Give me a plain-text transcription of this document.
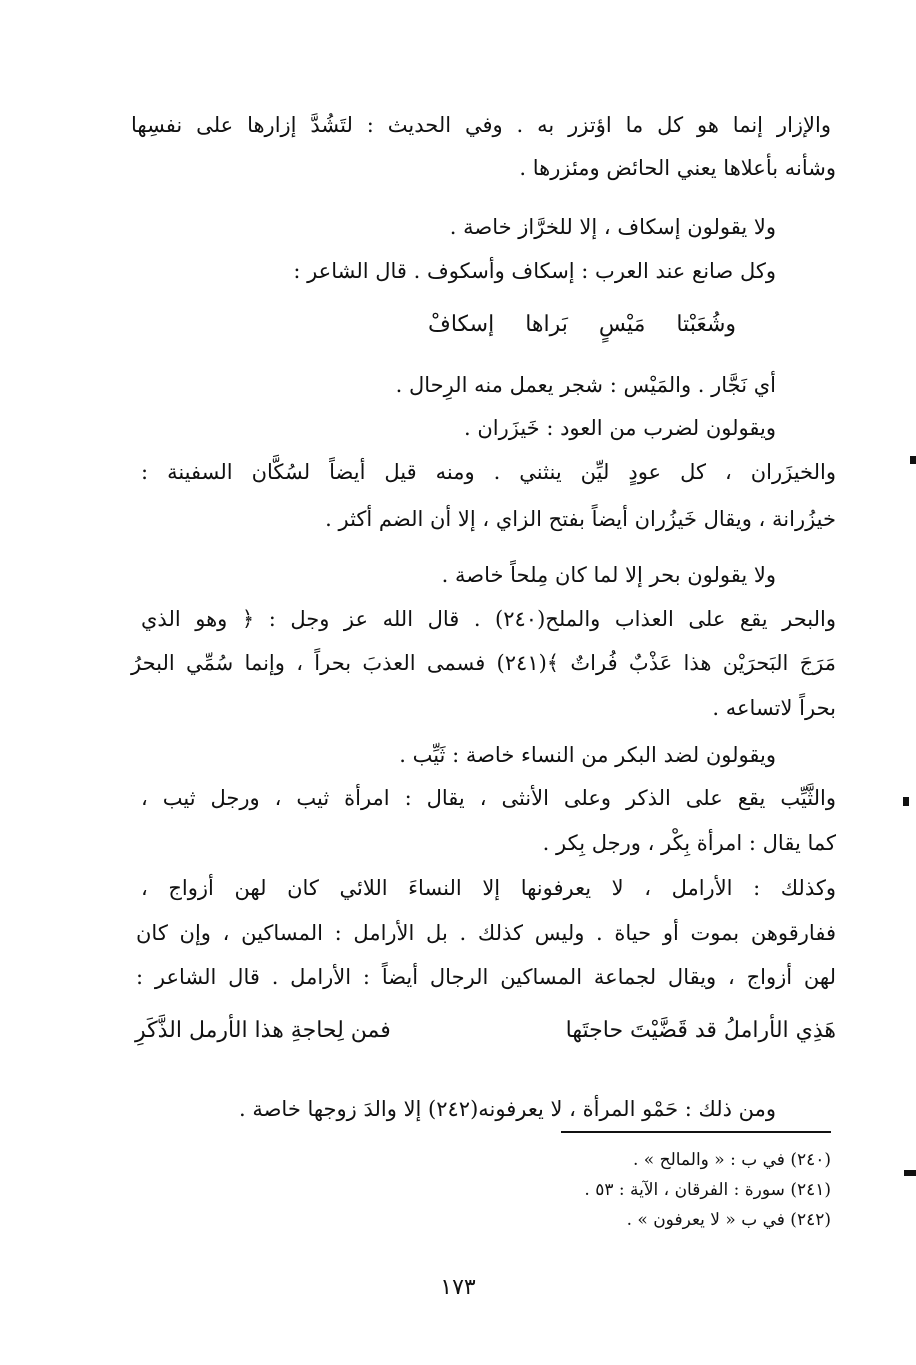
والإزار إنما هو كل ما اؤتزر به . وفي الحديث : لتَشُدَّ إزارها على نفسِها
وشأنه بأعلاها يعني الحائض ومئزرها .
ولا يقولون إسكاف ، إلا للخرَّاز خاصة .
وكل صانع عند العرب : إسكاف وأسكوف . قال الشاعر :
وشُعَبْتا مَيْسٍ بَراها إسكافْ
أي نَجَّار . والمَيْس : شجر يعمل منه الرِحال .
ويقولون لضرب من العود : خَيزَران .
والخيزَران ، كل عودٍ ليِّن ينثني . ومنه قيل أيضاً لسُكَّان السفينة :
خيزُرانة ، ويقال خَيزُران أيضاً بفتح الزاي ، إلا أن الضم أكثر .
ولا يقولون بحر إلا لما كان مِلحاً خاصة .
والبحر يقع على العذاب والملح(٢٤٠) . قال الله عز وجل : ﴿ وهو الذي
مَرَجَ البَحرَيْن هذا عَذْبٌ فُراتٌ ﴾(٢٤١) فسمى العذبَ بحراً ، وإنما سُمِّي البحرُ
بحراً لاتساعه .
ويقولون لضد البكر من النساء خاصة : ثَيِّب .
والثَّيِّب يقع على الذكر وعلى الأنثى ، يقال : امرأة ثيب ، ورجل ثيب ،
كما يقال : امرأة بِكْر ، ورجل بِكر .
وكذلك : الأرامل ، لا يعرفونها إلا النساءَ اللائي كان لهن أزواج ،
ففارقوهن بموت أو حياة . وليس كذلك . بل الأرامل : المساكين ، وإن كان
لهن أزواج ، ويقال لجماعة المساكين الرجال أيضاً : الأرامل . قال الشاعر :
هَذِي الأراملُ قد قَضَّيْتَ حاجتَها
فمن لِحاجةِ هذا الأرمل الذَّكَرِ
ومن ذلك : حَمْو المرأة ، لا يعرفونه(٢٤٢) إلا والدَ زوجها خاصة .
(٢٤٠) في ب : « والمالح » .
(٢٤١) سورة : الفرقان ، الآية : ٥٣ .
(٢٤٢) في ب « لا يعرفون » .
١٧٣
